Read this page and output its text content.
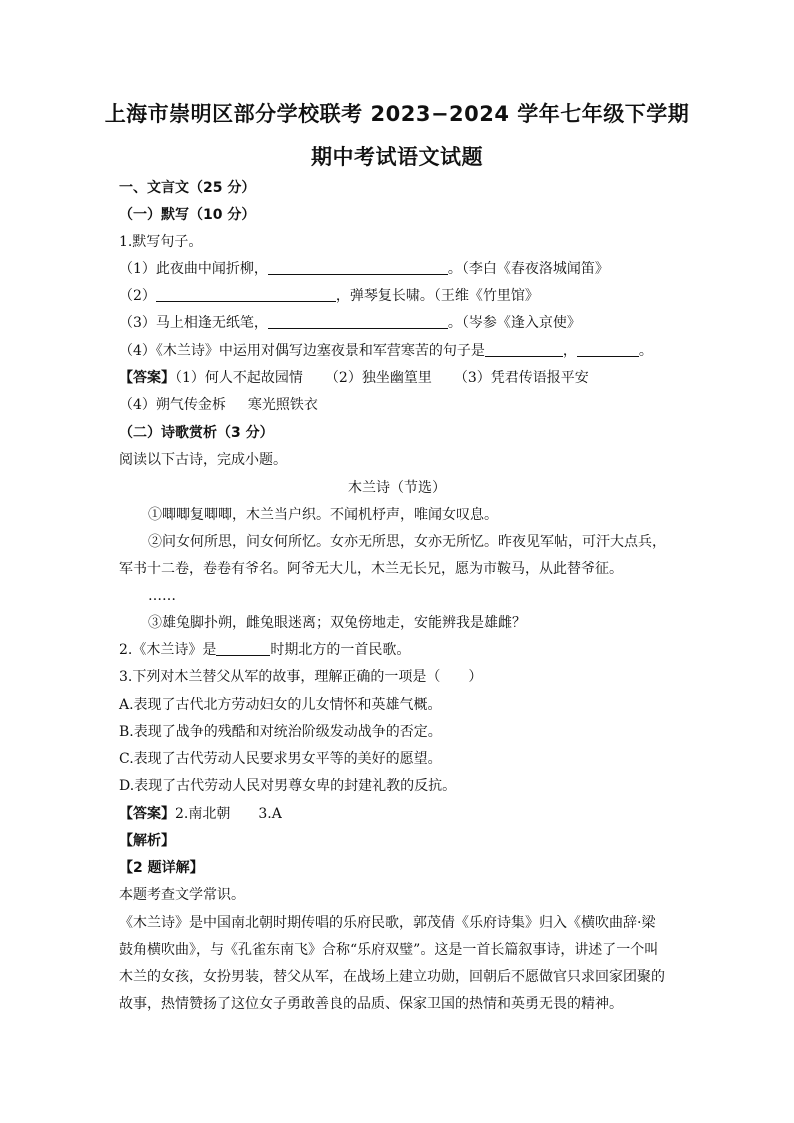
上海市崇明区部分学校联考 2023−2024 学年七年级下学期
期中考试语文试题
一、文言文（25 分）
（一）默写（10 分）
1.默写句子。
（1）此夜曲中闻折柳，	。（李白《春夜洛城闻笛》
（2）	，弹琴复长啸。（王维《竹里馆》
（3）马上相逢无纸笔，	。（岑参《逢入京使》
（4）《木兰诗》中运用对偶写边塞夜景和军营寒苦的句子是	，	。
【答案】（1）何人不起故园情 （2）独坐幽篁里 （3）凭君传语报平安
（4）朔气传金柝 寒光照铁衣
（二）诗歌赏析（3 分）
阅读以下古诗，完成小题。
木兰诗（节选）
①唧唧复唧唧，木兰当户织。不闻机杼声，唯闻女叹息。
②问女何所思，问女何所忆。女亦无所思，女亦无所忆。昨夜见军帖，可汗大点兵，
军书十二卷，卷卷有爷名。阿爷无大儿，木兰无长兄，愿为市鞍马，从此替爷征。
……
③雄兔脚扑朔，雌兔眼迷离；双兔傍地走，安能辨我是雄雌？
2.《木兰诗》是	时期北方的一首民歌。
3.下列对木兰替父从军的故事，理解正确的一项是（　　）
A.表现了古代北方劳动妇女的儿女情怀和英雄气概。
B.表现了战争的残酷和对统治阶级发动战争的否定。
C.表现了古代劳动人民要求男女平等的美好的愿望。
D.表现了古代劳动人民对男尊女卑的封建礼教的反抗。
【答案】2.南北朝 3.A
【解析】
【2 题详解】
本题考查文学常识。
《木兰诗》是中国南北朝时期传唱的乐府民歌，郭茂倩《乐府诗集》归入《横吹曲辞·梁
鼓角横吹曲》，与《孔雀东南飞》合称“乐府双璧”。这是一首长篇叙事诗，讲述了一个叫
木兰的女孩，女扮男装，替父从军，在战场上建立功勋，回朝后不愿做官只求回家团聚的
故事，热情赞扬了这位女子勇敢善良的品质、保家卫国的热情和英勇无畏的精神。
